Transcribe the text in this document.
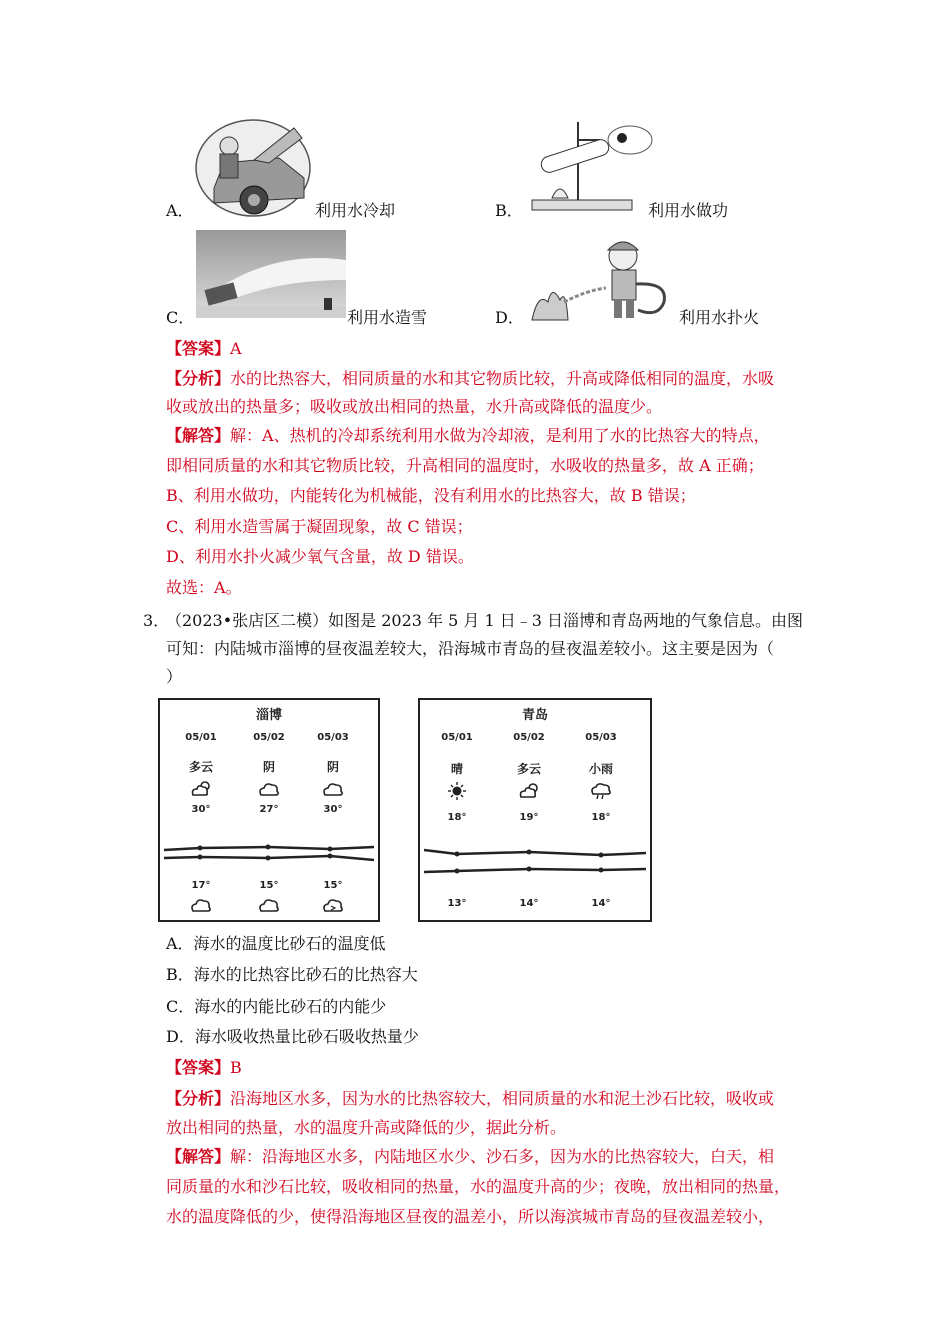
A．	利用水冷却	B．	利用水做功
C．	利用水造雪	D．	利用水扑火
【答案】A
【分析】水的比热容大，相同质量的水和其它物质比较，升高或降低相同的温度，水吸
收或放出的热量多；吸收或放出相同的热量，水升高或降低的温度少。
【解答】解：A、热机的冷却系统利用水做为冷却液，是利用了水的比热容大的特点，
即相同质量的水和其它物质比较，升高相同的温度时，水吸收的热量多，故 A 正确；
B、利用水做功，内能转化为机械能，没有利用水的比热容大，故 B 错误；
C、利用水造雪属于凝固现象，故 C 错误；
D、利用水扑火减少氧气含量，故 D 错误。
故选：A。
3．
（2023•张店区二模）如图是 2023 年 5 月 1 日﹣3 日淄博和青岛两地的气象信息。由图
可知：内陆城市淄博的昼夜温差较大，沿海城市青岛的昼夜温差较小。这主要是因为（
）
淄博
05/01	05/02	05/03
多云	阴	阴
30°	27°	30°
17°	15°	15°
青岛
05/01	05/02	05/03
晴	多云	小雨
18°	19°	18°
13°	14°	14°
A．海水的温度比砂石的温度低
B．海水的比热容比砂石的比热容大
C．海水的内能比砂石的内能少
D．海水吸收热量比砂石吸收热量少
【答案】B
【分析】沿海地区水多，因为水的比热容较大，相同质量的水和泥土沙石比较，吸收或
放出相同的热量，水的温度升高或降低的少，据此分析。
【解答】解：沿海地区水多，内陆地区水少、沙石多，因为水的比热容较大，白天，相
同质量的水和沙石比较，吸收相同的热量，水的温度升高的少；夜晚，放出相同的热量，
水的温度降低的少，使得沿海地区昼夜的温差小，所以海滨城市青岛的昼夜温差较小，
